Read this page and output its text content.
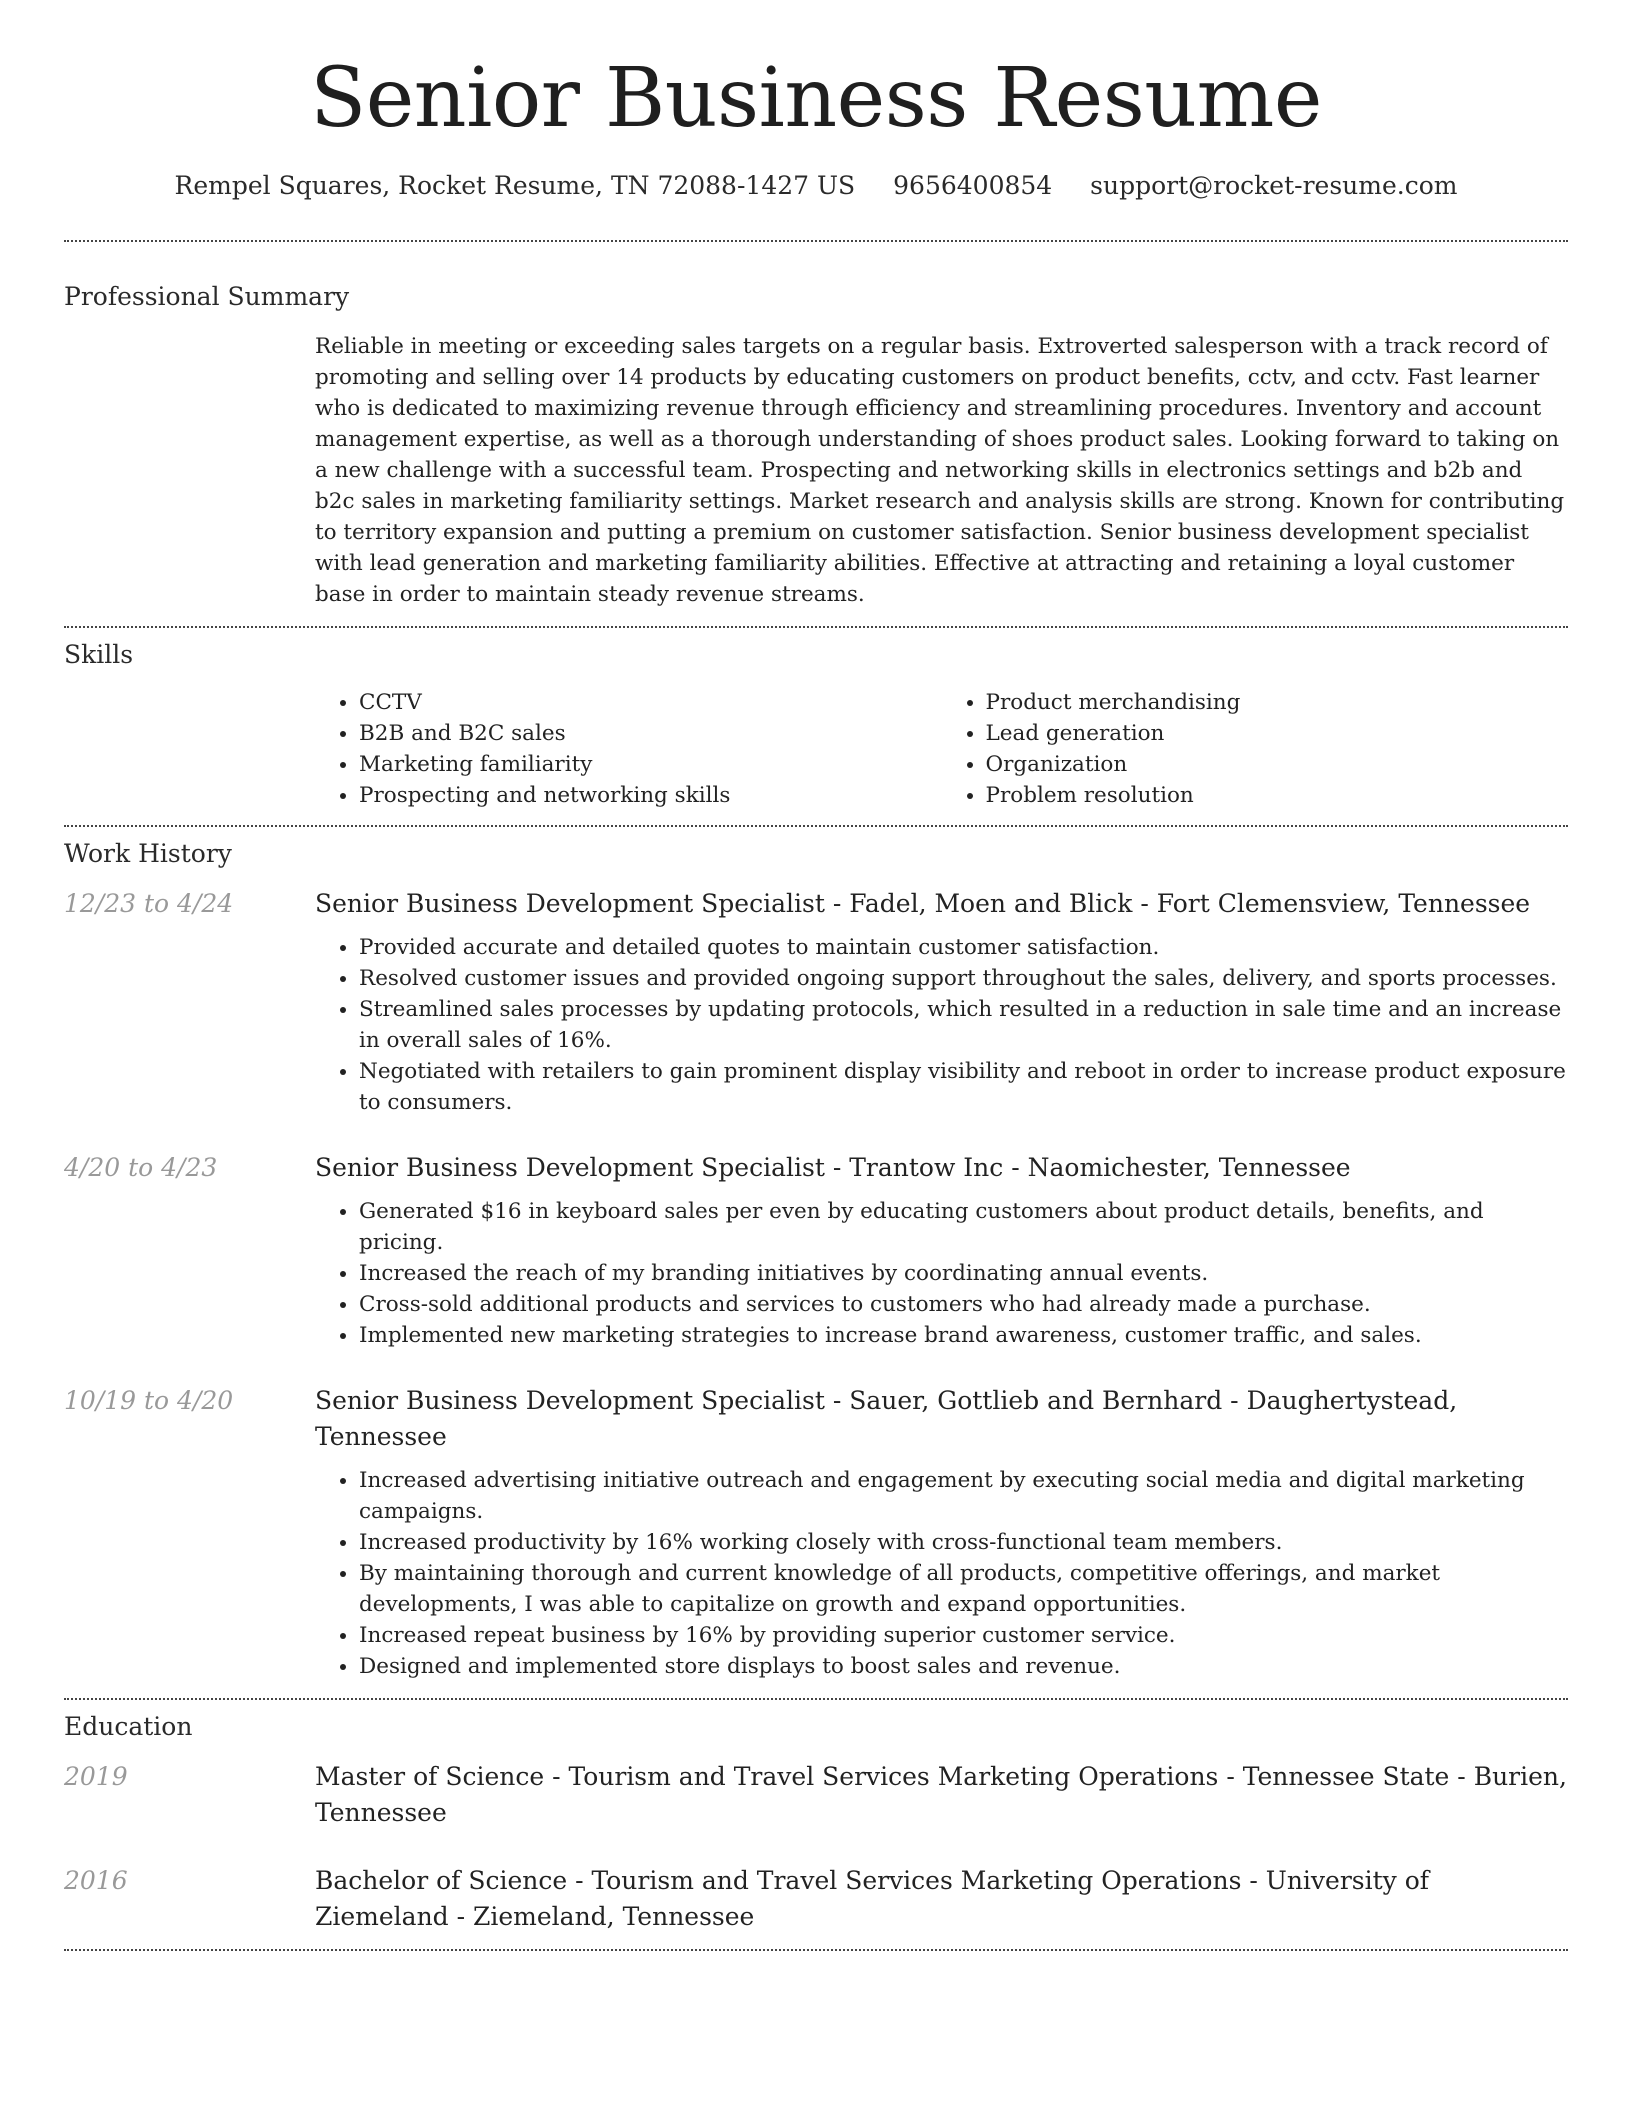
Senior Business Resume
Rempel Squares, Rocket Resume, TN 72088-1427 US 9656400854 support@rocket-resume.com
Professional Summary

Reliable in meeting or exceeding sales targets on a regular basis. Extroverted salesperson with a track record of promoting and selling over 14 products by educating customers on product benefits, cctv, and cctv. Fast learner who is dedicated to maximizing revenue through efficiency and streamlining procedures. Inventory and account management expertise, as well as a thorough understanding of shoes product sales. Looking forward to taking on a new challenge with a successful team. Prospecting and networking skills in electronics settings and b2b and b2c sales in marketing familiarity settings. Market research and analysis skills are strong. Known for contributing to territory expansion and putting a premium on customer satisfaction. Senior business development specialist with lead generation and marketing familiarity abilities. Effective at attracting and retaining a loyal customer base in order to maintain steady revenue streams.

Skills
• CCTV
• B2B and B2C sales
• Marketing familiarity
• Prospecting and networking skills
• Product merchandising
• Lead generation
• Organization
• Problem resolution
Work History
12/23 to 4/24	Senior Business Development Specialist - Fadel, Moen and Blick - Fort Clemensview, Tennessee

• Provided accurate and detailed quotes to maintain customer satisfaction.
• Resolved customer issues and provided ongoing support throughout the sales, delivery, and sports processes.
• Streamlined sales processes by updating protocols, which resulted in a reduction in sale time and an increase in overall sales of 16%.
• Negotiated with retailers to gain prominent display visibility and reboot in order to increase product exposure to consumers.
4/20 to 4/23	Senior Business Development Specialist - Trantow Inc - Naomichester, Tennessee

• Generated $16 in keyboard sales per even by educating customers about product details, benefits, and pricing.
• Increased the reach of my branding initiatives by coordinating annual events.
• Cross-sold additional products and services to customers who had already made a purchase.
• Implemented new marketing strategies to increase brand awareness, customer traffic, and sales.
10/19 to 4/20	Senior Business Development Specialist - Sauer, Gottlieb and Bernhard - Daughertystead, Tennessee

• Increased advertising initiative outreach and engagement by executing social media and digital marketing campaigns.
• Increased productivity by 16% working closely with cross-functional team members.
• By maintaining thorough and current knowledge of all products, competitive offerings, and market developments, I was able to capitalize on growth and expand opportunities.
• Increased repeat business by 16% by providing superior customer service.
• Designed and implemented store displays to boost sales and revenue.
Education
2019	Master of Science - Tourism and Travel Services Marketing Operations - Tennessee State - Burien, Tennessee

2016	Bachelor of Science - Tourism and Travel Services Marketing Operations - University of Ziemeland - Ziemeland, Tennessee
